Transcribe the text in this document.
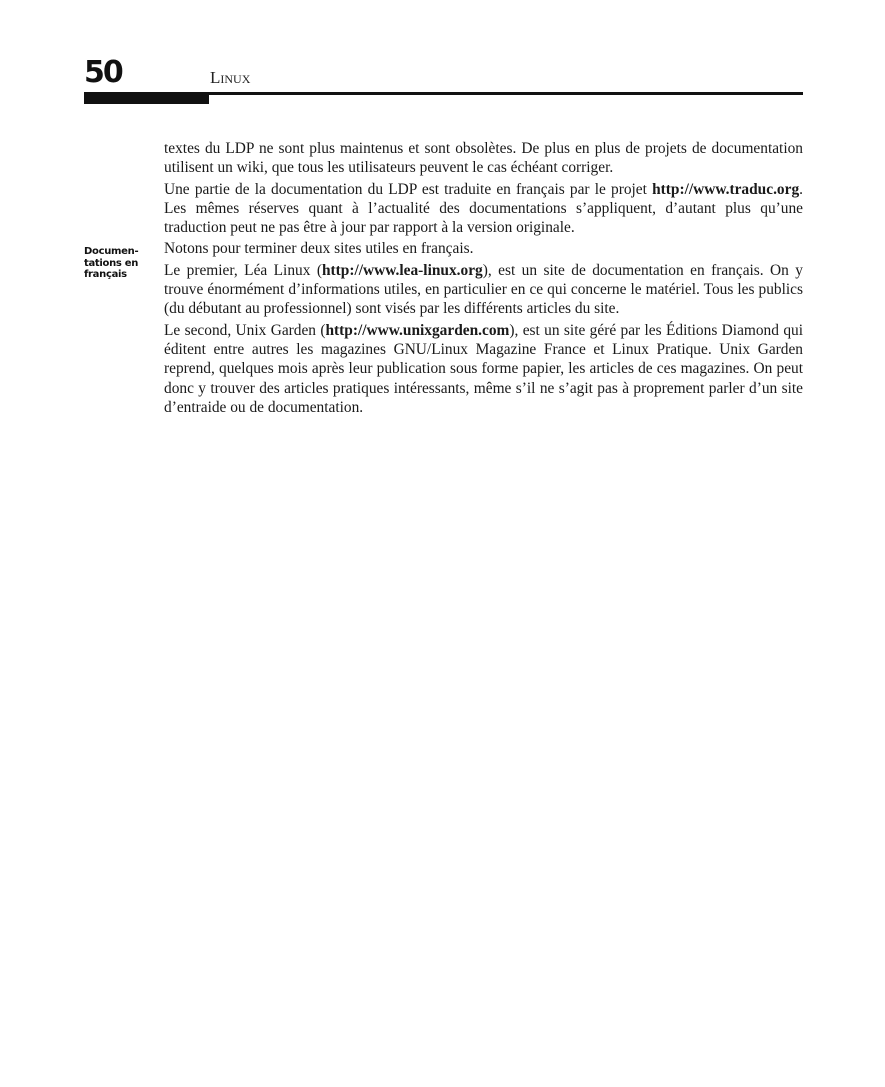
50	Linux
Documen-
tations en
français

textes du LDP ne sont plus maintenus et sont obsolètes. De plus en plus de projets de documentation utilisent un wiki, que tous les utilisateurs peuvent le cas échéant corriger.

Une partie de la documentation du LDP est traduite en français par le projet http://www.traduc.org. Les mêmes réserves quant à l’actualité des documentations s’appliquent, d’autant plus qu’une traduction peut ne pas être à jour par rapport à la version originale.

Notons pour terminer deux sites utiles en français.

Le premier, Léa Linux (http://www.lea-linux.org), est un site de documentation en français. On y trouve énormément d’informations utiles, en particulier en ce qui concerne le matériel. Tous les publics (du débutant au professionnel) sont visés par les différents articles du site.

Le second, Unix Garden (http://www.unixgarden.com), est un site géré par les Éditions Diamond qui éditent entre autres les magazines GNU/Linux Magazine France et Linux Pratique. Unix Garden reprend, quelques mois après leur publication sous forme papier, les articles de ces magazines. On peut donc y trouver des articles pratiques intéressants, même s’il ne s’agit pas à proprement parler d’un site d’entraide ou de documentation.
